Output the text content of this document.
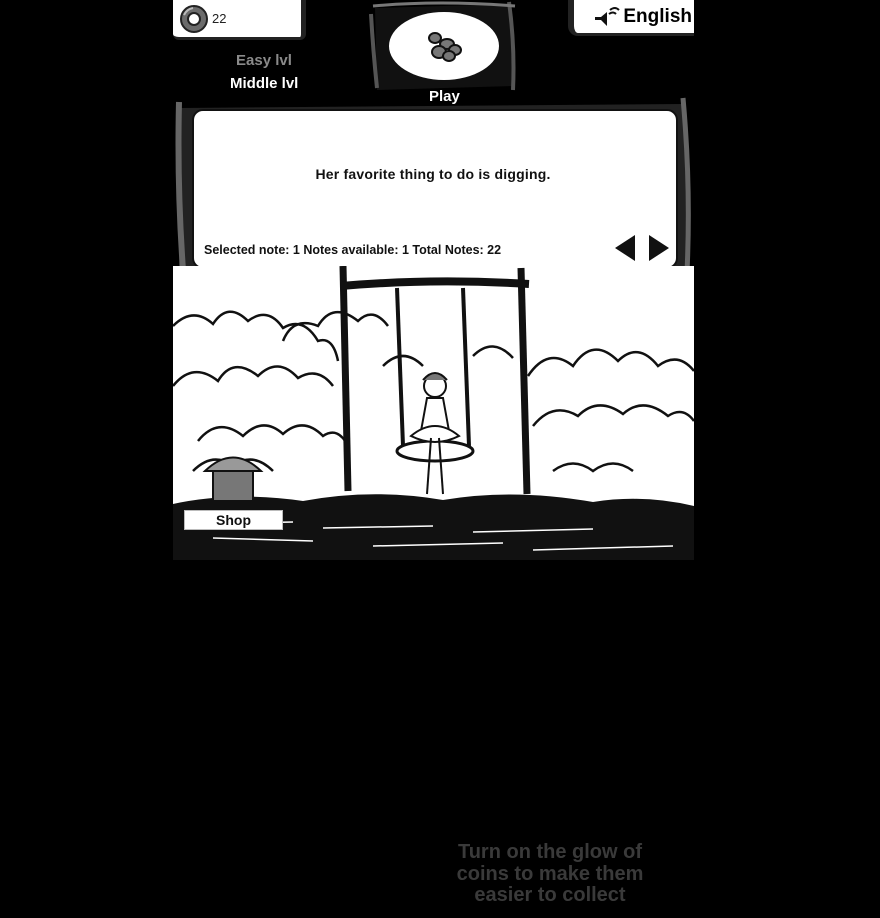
22	English
Easy lvl
Middle lvl
Play
Her favorite thing to do is digging.
Selected note: 1 Notes available: 1 Total Notes: 22
Shop
Turn on the glow of coins to make them easier to collect
